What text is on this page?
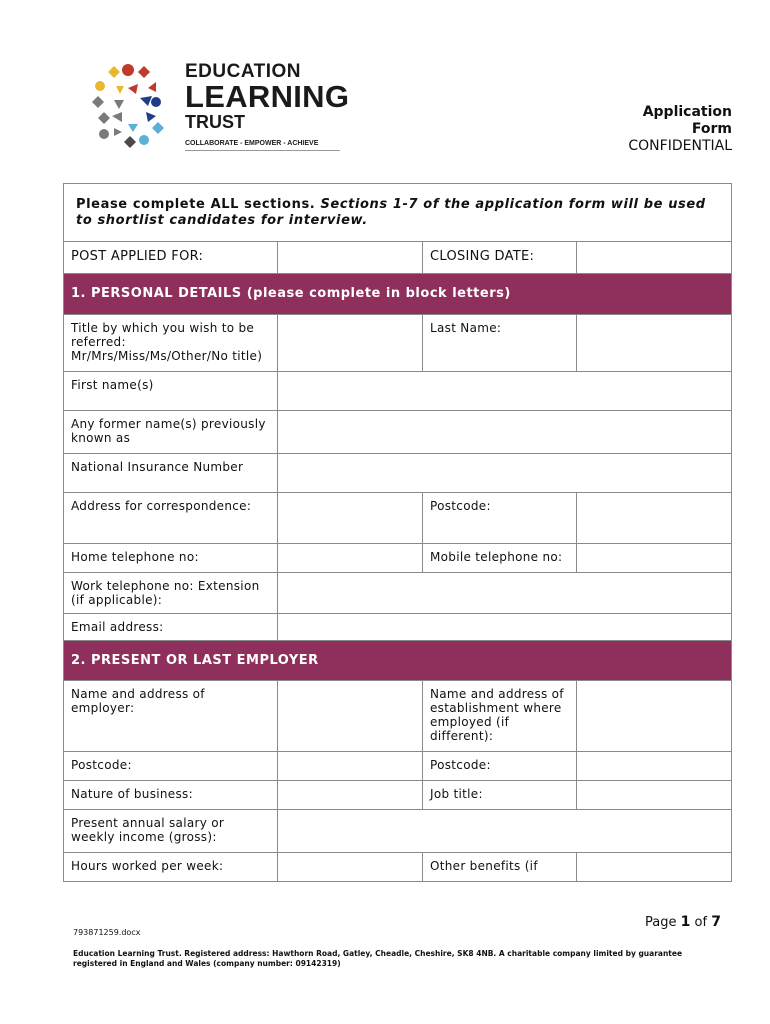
EDUCATION
LEARNING
TRUST
COLLABORATE - EMPOWER - ACHIEVE
Application
Form
CONFIDENTIAL
Please complete ALL sections. Sections 1-7 of the application form will be used to shortlist candidates for interview.			
POST APPLIED FOR:		CLOSING DATE:	
1. PERSONAL DETAILS (please complete in block letters)			
Title by which you wish to be referred: Mr/Mrs/Miss/Ms/Other/No title)		Last Name:	
First name(s)			
Any former name(s) previously known as			
National Insurance Number			
Address for correspondence:		Postcode:	
Home telephone no:		Mobile telephone no:	
Work telephone no: Extension (if applicable):			
Email address:			
2. PRESENT OR LAST EMPLOYER			
Name and address of employer:		Name and address of establishment where employed (if different):	
Postcode:		Postcode:	
Nature of business:		Job title:	
Present annual salary or weekly income (gross):			
Hours worked per week:		Other benefits (if	
Page 1 of 7
793871259.docx
Education Learning Trust. Registered address: Hawthorn Road, Gatley, Cheadle, Cheshire, SK8 4NB. A charitable company limited by guarantee registered in England and Wales (company number: 09142319)
